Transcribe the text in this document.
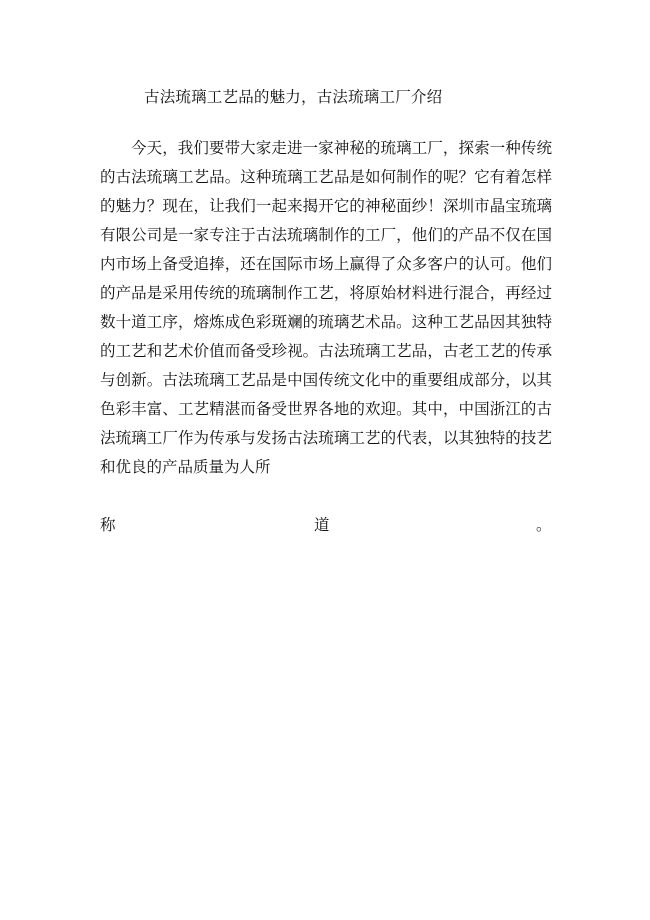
古法琉璃工艺品的魅力，古法琉璃工厂介绍
今天，我们要带大家走进一家神秘的琉璃工厂，探索一种传统的古法琉璃工艺品。这种琉璃工艺品是如何制作的呢？它有着怎样的魅力？现在，让我们一起来揭开它的神秘面纱！深圳市晶宝琉璃有限公司是一家专注于古法琉璃制作的工厂，他们的产品不仅在国内市场上备受追捧，还在国际市场上赢得了众多客户的认可。他们的产品是采用传统的琉璃制作工艺，将原始材料进行混合，再经过数十道工序，熔炼成色彩斑斓的琉璃艺术品。这种工艺品因其独特的工艺和艺术价值而备受珍视。古法琉璃工艺品，古老工艺的传承与创新。古法琉璃工艺品是中国传统文化中的重要组成部分，以其色彩丰富、工艺精湛而备受世界各地的欢迎。其中，中国浙江的古法琉璃工厂作为传承与发扬古法琉璃工艺的代表，以其独特的技艺和优良的产品质量为人所
称	道	。
